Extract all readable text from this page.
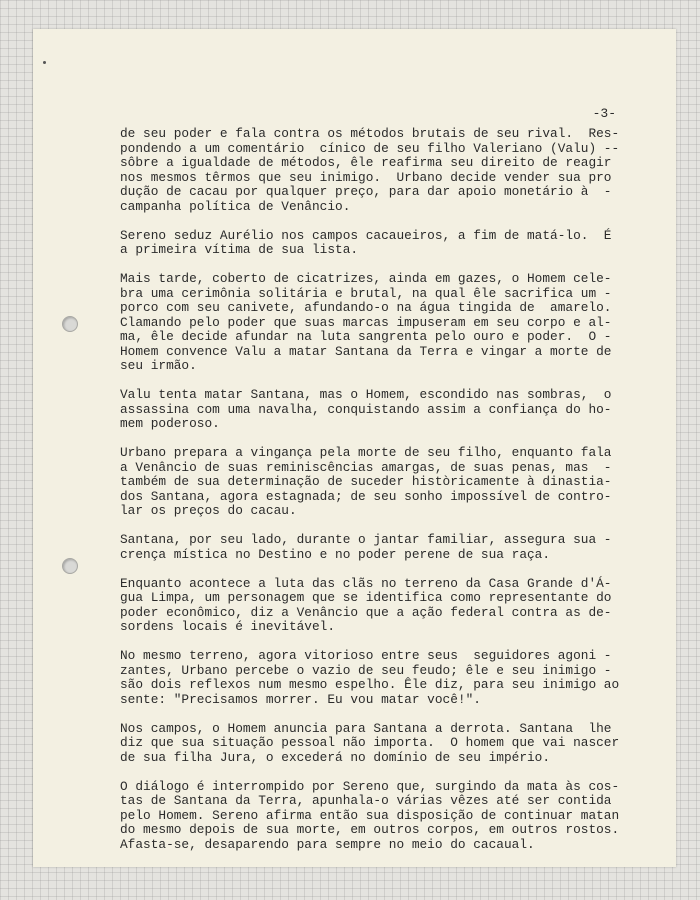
-3-

de seu poder e fala contra os métodos brutais de seu rival.  Res-
pondendo a um comentário  cínico de seu filho Valeriano (Valu) --
sôbre a igualdade de métodos, êle reafirma seu direito de reagir
nos mesmos têrmos que seu inimigo.  Urbano decide vender sua pro
dução de cacau por qualquer preço, para dar apoio monetário à  -
campanha política de Venâncio.

Sereno seduz Aurélio nos campos cacaueiros, a fim de matá-lo.  É
a primeira vítima de sua lista.

Mais tarde, coberto de cicatrizes, ainda em gazes, o Homem cele-
bra uma cerimônia solitária e brutal, na qual êle sacrifica um -
porco com seu canivete, afundando-o na água tingida de  amarelo.
Clamando pelo poder que suas marcas impuseram em seu corpo e al-
ma, êle decide afundar na luta sangrenta pelo ouro e poder.  O -
Homem convence Valu a matar Santana da Terra e vingar a morte de
seu irmão.

Valu tenta matar Santana, mas o Homem, escondido nas sombras,  o
assassina com uma navalha, conquistando assim a confiança do ho-
mem poderoso.

Urbano prepara a vingança pela morte de seu filho, enquanto fala
a Venâncio de suas reminiscências amargas, de suas penas, mas  -
também de sua determinação de suceder històricamente à dinastia-
dos Santana, agora estagnada; de seu sonho impossível de contro-
lar os preços do cacau.

Santana, por seu lado, durante o jantar familiar, assegura sua -
crença mística no Destino e no poder perene de sua raça.

Enquanto acontece a luta das clãs no terreno da Casa Grande d'Á-
gua Limpa, um personagem que se identifica como representante do
poder econômico, diz a Venâncio que a ação federal contra as de-
sordens locais é inevitável.

No mesmo terreno, agora vitorioso entre seus  seguidores agoni -
zantes, Urbano percebe o vazio de seu feudo; êle e seu inimigo -
são dois reflexos num mesmo espelho. Êle diz, para seu inimigo ao
sente: "Precisamos morrer. Eu vou matar você!".

Nos campos, o Homem anuncia para Santana a derrota. Santana  lhe
diz que sua situação pessoal não importa.  O homem que vai nascer
de sua filha Jura, o excederá no domínio de seu império.

O diálogo é interrompido por Sereno que, surgindo da mata às cos-
tas de Santana da Terra, apunhala-o várias vêzes até ser contida
pelo Homem. Sereno afirma então sua disposição de continuar matan
do mesmo depois de sua morte, em outros corpos, em outros rostos.
Afasta-se, desaparendo para sempre no meio do cacaual.
